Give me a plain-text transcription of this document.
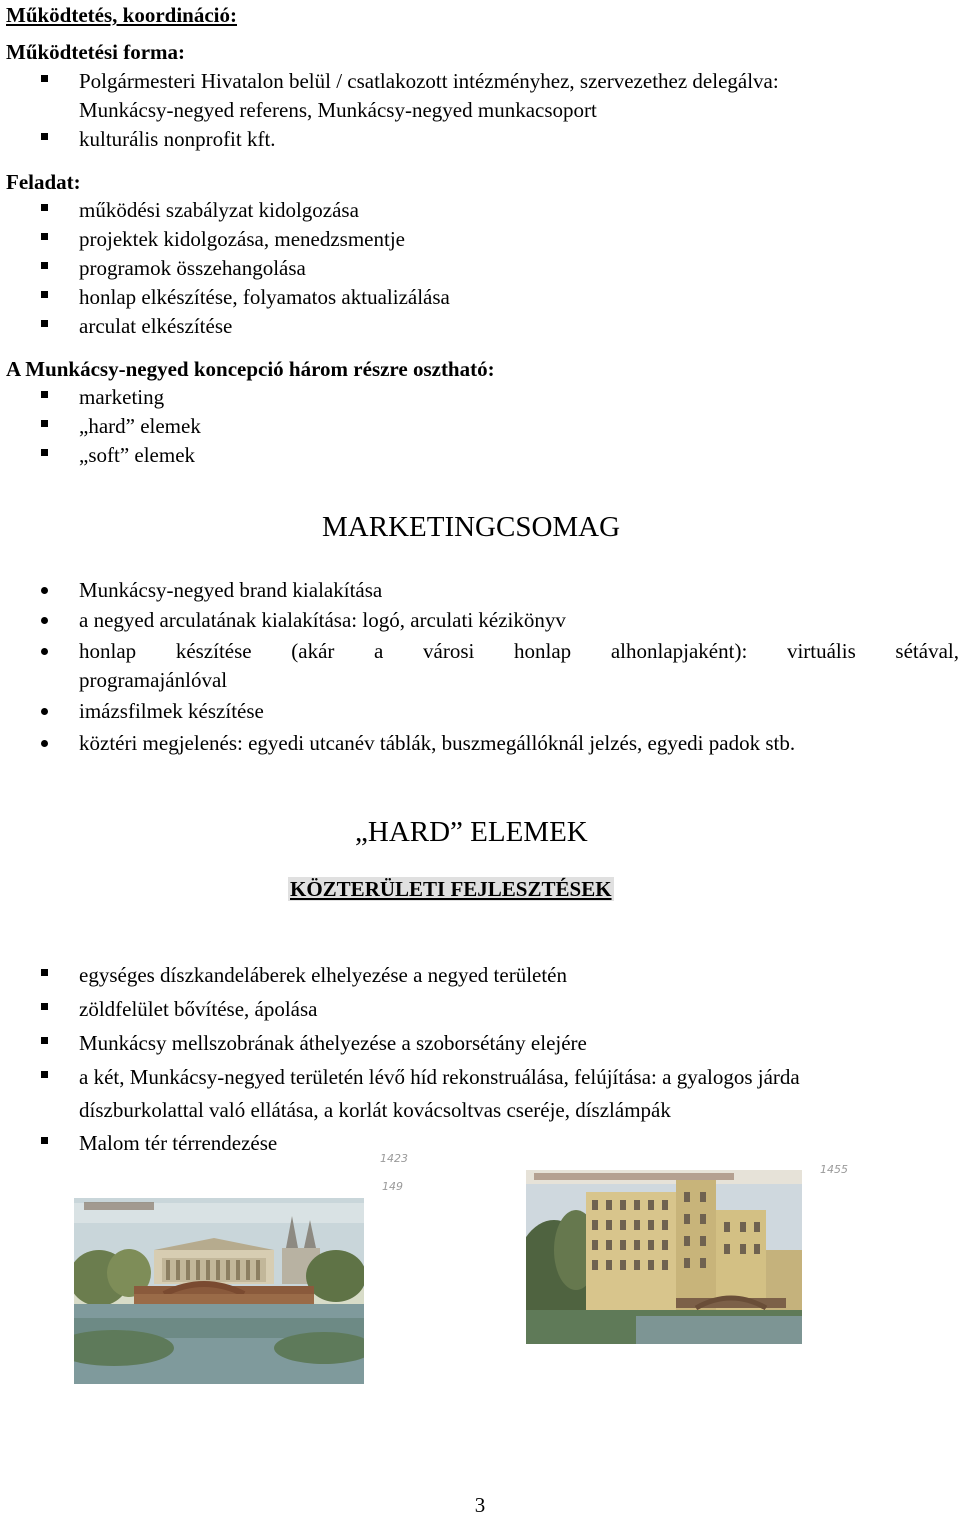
Működtetés, koordináció:
Működtetési forma:
Polgármesteri Hivatalon belül / csatlakozott intézményhez, szervezethez delegálva:
Munkácsy-negyed referens, Munkácsy-negyed munkacsoport
kulturális nonprofit kft.
Feladat:
működési szabályzat kidolgozása
projektek kidolgozása, menedzsmentje
programok összehangolása
honlap elkészítése, folyamatos aktualizálása
arculat elkészítése
A Munkácsy-negyed koncepció három részre osztható:
marketing
„hard” elemek
„soft” elemek
MARKETINGCSOMAG
Munkácsy-negyed brand kialakítása
a negyed arculatának kialakítása: logó, arculati kézikönyv
honlap készítése (akár a városi honlap alhonlapjaként): virtuális sétával,
programajánlóval
imázsfilmek készítése
köztéri megjelenés: egyedi utcanév táblák, buszmegállóknál jelzés, egyedi padok stb.
„HARD” ELEMEK
KÖZTERÜLETI FEJLESZTÉSEK
egységes díszkandeláberek elhelyezése a negyed területén
zöldfelület bővítése, ápolása
Munkácsy mellszobrának áthelyezése a szoborsétány elejére
a két, Munkácsy-negyed területén lévő híd rekonstruálása, felújítása: a gyalogos járda
díszburkolattal való ellátása, a korlát kovácsoltvas cseréje, díszlámpák
Malom tér térrendezése
1423
149
1455
3
